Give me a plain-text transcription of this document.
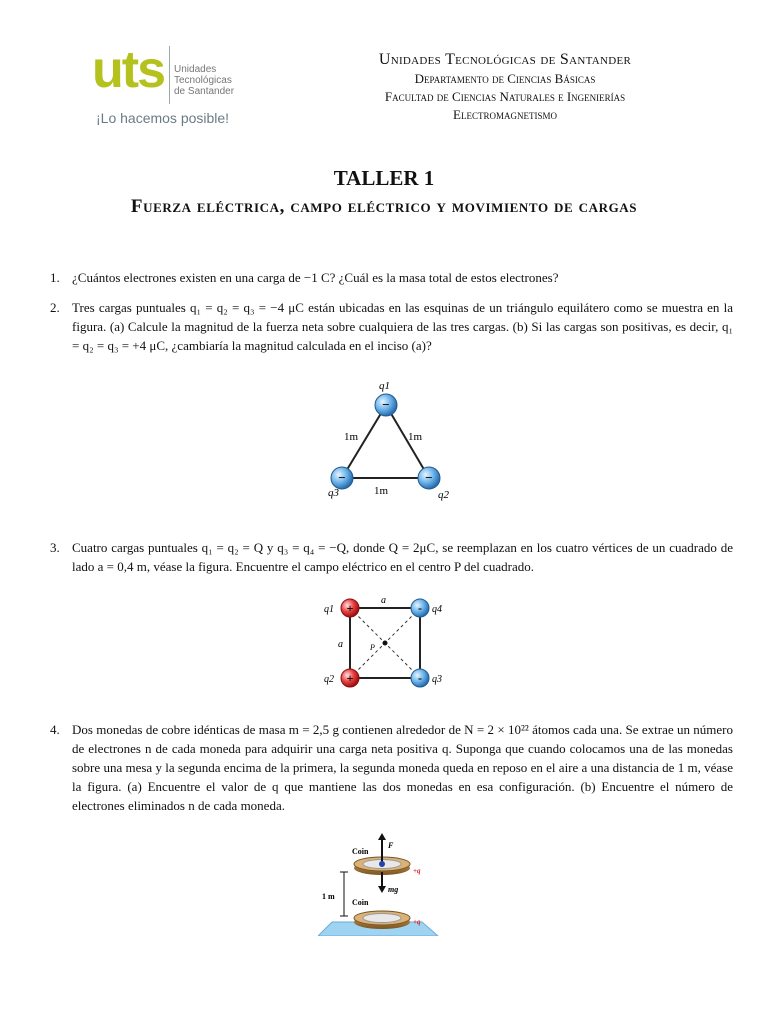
uts Unidades
Tecnológicas
de Santander
¡Lo hacemos posible!
Unidades Tecnológicas de Santander
Departamento de Ciencias Básicas
Facultad de Ciencias Naturales e Ingenierías
Electromagnetismo
TALLER 1
Fuerza eléctrica, campo eléctrico y movimiento de cargas
1. ¿Cuántos electrones existen en una carga de −1 C? ¿Cuál es la masa total de estos electrones?
2. Tres cargas puntuales q₁ = q₂ = q₃ = −4 μC están ubicadas en las esquinas de un triángulo equilátero como se muestra en la figura. (a) Calcule la magnitud de la fuerza neta sobre cualquiera de las tres cargas. (b) Si las cargas son positivas, es decir, q₁ = q₂ = q₃ = +4 μC, ¿cambiaría la magnitud calculada en el inciso (a)?
−
−	−
q1
q3	q2
1m	1m
1m
3. Cuatro cargas puntuales q₁ = q₂ = Q y q₃ = q₄ = −Q, donde Q = 2μC, se reemplazan en los cuatro vértices de un cuadrado de lado a = 0,4 m, véase la figura. Encuentre el campo eléctrico en el centro P del cuadrado.
+
+
-
-
q1
q2
q4
q3
a
a	P
4. Dos monedas de cobre idénticas de masa m = 2,5 g contienen alrededor de N = 2 × 10²² átomos cada una. Se extrae un número de electrones n de cada moneda para adquirir una carga neta positiva q. Suponga que cuando colocamos una de las monedas sobre una mesa y la segunda encima de la primera, la segunda moneda queda en reposo en el aire a una distancia de 1 m, véase la figura. (a) Encuentre el valor de q que mantiene las dos monedas en esa configuración. (b) Encuentre el número de electrones eliminados n de cada moneda.
Coin
Coin
F
mg
+q
+q
1 m
